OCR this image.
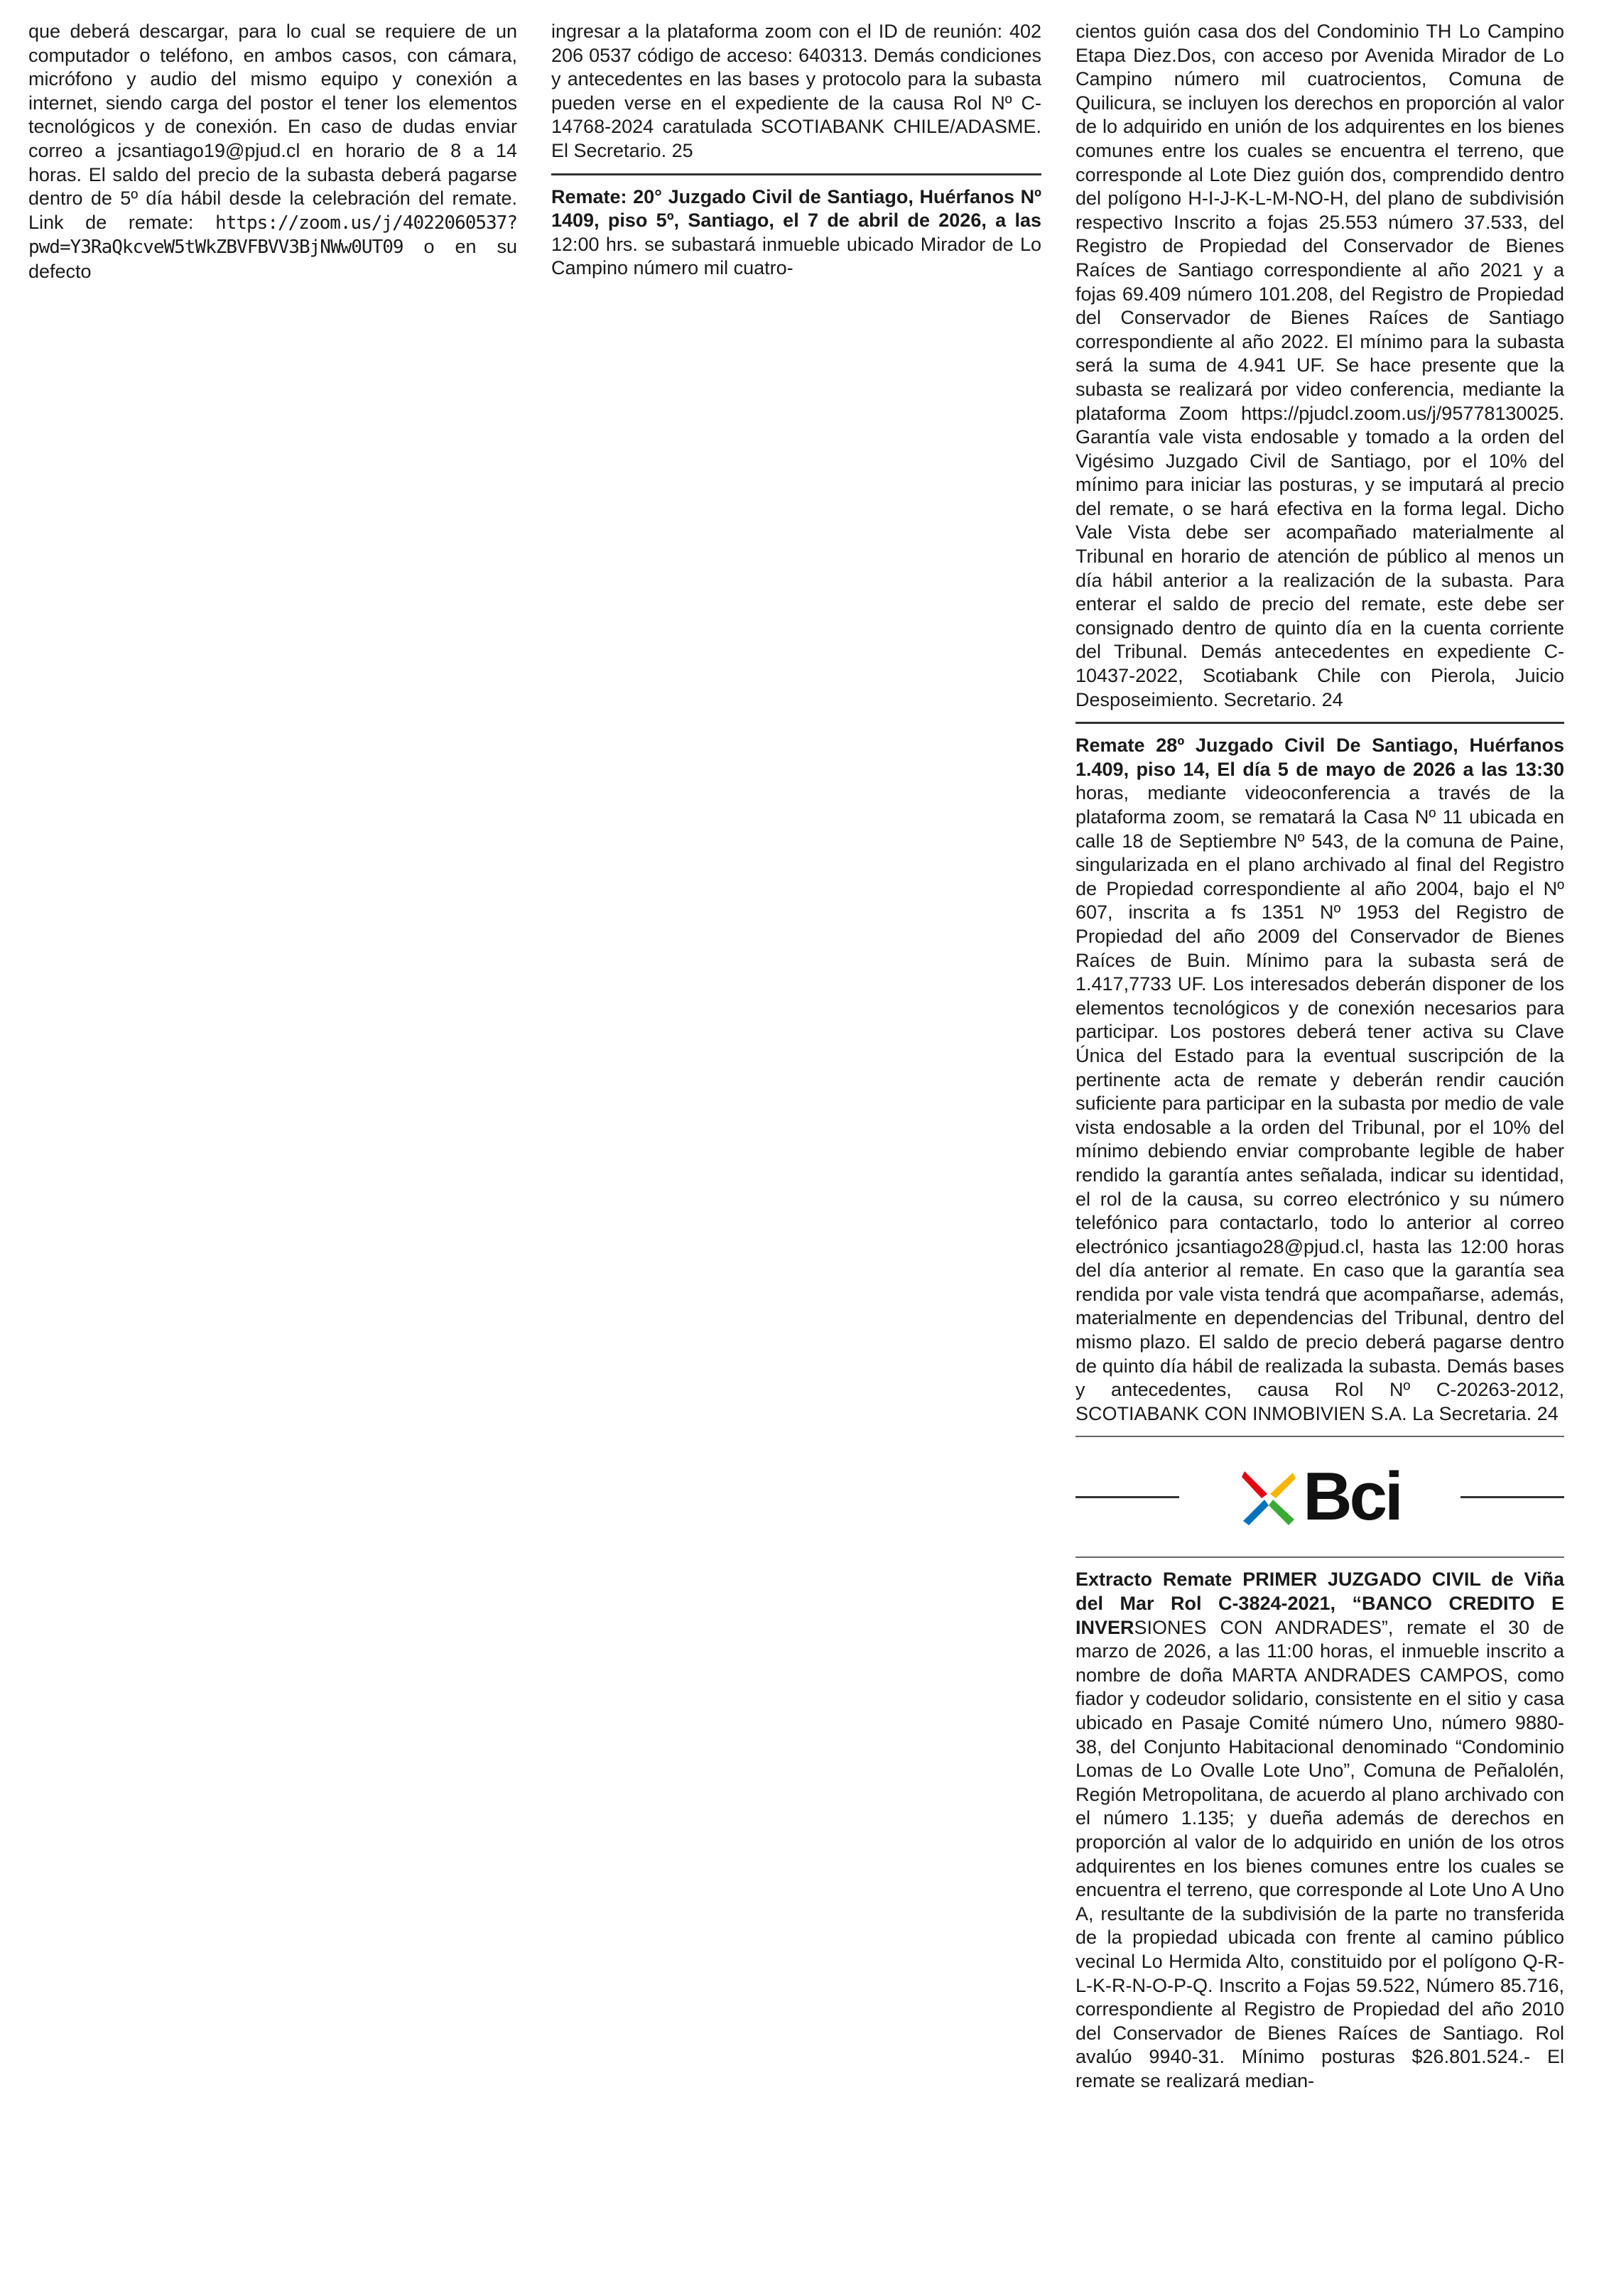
que deberá descargar, para lo cual se requiere de un computador o teléfono, en ambos casos, con cámara, micrófono y audio del mismo equipo y conexión a internet, siendo carga del postor el tener los elementos tecnológicos y de conexión. En caso de dudas enviar correo a jcsantiago19@pjud.cl en horario de 8 a 14 horas. El saldo del precio de la subasta deberá pagarse dentro de 5º día hábil desde la celebración del remate. Link de remate: https://zoom.us/j/4022060537?pwd=Y3RaQkcveW5tWkZBVFBVV3BjNWw0UT09 o en su defecto

ingresar a la plataforma zoom con el ID de reunión: 402 206 0537 código de acceso: 640313. Demás condiciones y antecedentes en las bases y protocolo para la subasta pueden verse en el expediente de la causa Rol Nº C-14768-2024 caratulada SCOTIABANK CHILE/ADASME. El Secretario. 25

Remate: 20° Juzgado Civil de Santiago, Huérfanos Nº 1409, piso 5º, Santiago, el 7 de abril de 2026, a las 12:00 hrs. se subastará inmueble ubicado Mirador de Lo Campino número mil cuatro-

cientos guión casa dos del Condominio TH Lo Campino Etapa Diez.Dos, con acceso por Avenida Mirador de Lo Campino número mil cuatrocientos, Comuna de Quilicura, se incluyen los derechos en proporción al valor de lo adquirido en unión de los adquirentes en los bienes comunes entre los cuales se encuentra el terreno, que corresponde al Lote Diez guión dos, comprendido dentro del polígono H-I-J-K-L-M-NO-H, del plano de subdivisión respectivo Inscrito a fojas 25.553 número 37.533, del Registro de Propiedad del Conservador de Bienes Raíces de Santiago correspondiente al año 2021 y a fojas 69.409 número 101.208, del Registro de Propiedad del Conservador de Bienes Raíces de Santiago correspondiente al año 2022. El mínimo para la subasta será la suma de 4.941 UF. Se hace presente que la subasta se realizará por video conferencia, mediante la plataforma Zoom https://pjudcl.zoom.us/j/95778130025. Garantía vale vista endosable y tomado a la orden del Vigésimo Juzgado Civil de Santiago, por el 10% del mínimo para iniciar las posturas, y se imputará al precio del remate, o se hará efectiva en la forma legal. Dicho Vale Vista debe ser acompañado materialmente al Tribunal en horario de atención de público al menos un día hábil anterior a la realización de la subasta. Para enterar el saldo de precio del remate, este debe ser consignado dentro de quinto día en la cuenta corriente del Tribunal. Demás antecedentes en expediente C-10437-2022, Scotiabank Chile con Pierola, Juicio Desposeimiento. Secretario. 24

Remate 28º Juzgado Civil De Santiago, Huérfanos 1.409, piso 14, El día 5 de mayo de 2026 a las 13:30 horas, mediante videoconferencia a través de la plataforma zoom, se rematará la Casa Nº 11 ubicada en calle 18 de Septiembre Nº 543, de la comuna de Paine, singularizada en el plano archivado al final del Registro de Propiedad correspondiente al año 2004, bajo el Nº 607, inscrita a fs 1351 Nº 1953 del Registro de Propiedad del año 2009 del Conservador de Bienes Raíces de Buin. Mínimo para la subasta será de 1.417,7733 UF. Los interesados deberán disponer de los elementos tecnológicos y de conexión necesarios para participar. Los postores deberá tener activa su Clave Única del Estado para la eventual suscripción de la pertinente acta de remate y deberán rendir caución suficiente para participar en la subasta por medio de vale vista endosable a la orden del Tribunal, por el 10% del mínimo debiendo enviar comprobante legible de haber rendido la garantía antes señalada, indicar su identidad, el rol de la causa, su correo electrónico y su número telefónico para contactarlo, todo lo anterior al correo electrónico jcsantiago28@pjud.cl, hasta las 12:00 horas del día anterior al remate. En caso que la garantía sea rendida por vale vista tendrá que acompañarse, además, materialmente en dependencias del Tribunal, dentro del mismo plazo. El saldo de precio deberá pagarse dentro de quinto día hábil de realizada la subasta. Demás bases y antecedentes, causa Rol Nº C-20263-2012, SCOTIABANK CON INMOBIVIEN S.A. La Secretaria. 24

Bci

Extracto Remate PRIMER JUZGADO CIVIL de Viña del Mar Rol C-3824-2021, “BANCO CREDITO E INVERSIONES CON ANDRADES”, remate el 30 de marzo de 2026, a las 11:00 horas, el inmueble inscrito a nombre de doña MARTA ANDRADES CAMPOS, como fiador y codeudor solidario, consistente en el sitio y casa ubicado en Pasaje Comité número Uno, número 9880-38, del Conjunto Habitacional denominado “Condominio Lomas de Lo Ovalle Lote Uno”, Comuna de Peñalolén, Región Metropolitana, de acuerdo al plano archivado con el número 1.135; y dueña además de derechos en proporción al valor de lo adquirido en unión de los otros adquirentes en los bienes comunes entre los cuales se encuentra el terreno, que corresponde al Lote Uno A Uno A, resultante de la subdivisión de la parte no transferida de la propiedad ubicada con frente al camino público vecinal Lo Hermida Alto, constituido por el polígono Q-R-L-K-R-N-O-P-Q. Inscrito a Fojas 59.522, Número 85.716, correspondiente al Registro de Propiedad del año 2010 del Conservador de Bienes Raíces de Santiago. Rol avalúo 9940-31. Mínimo posturas $26.801.524.- El remate se realizará median-
